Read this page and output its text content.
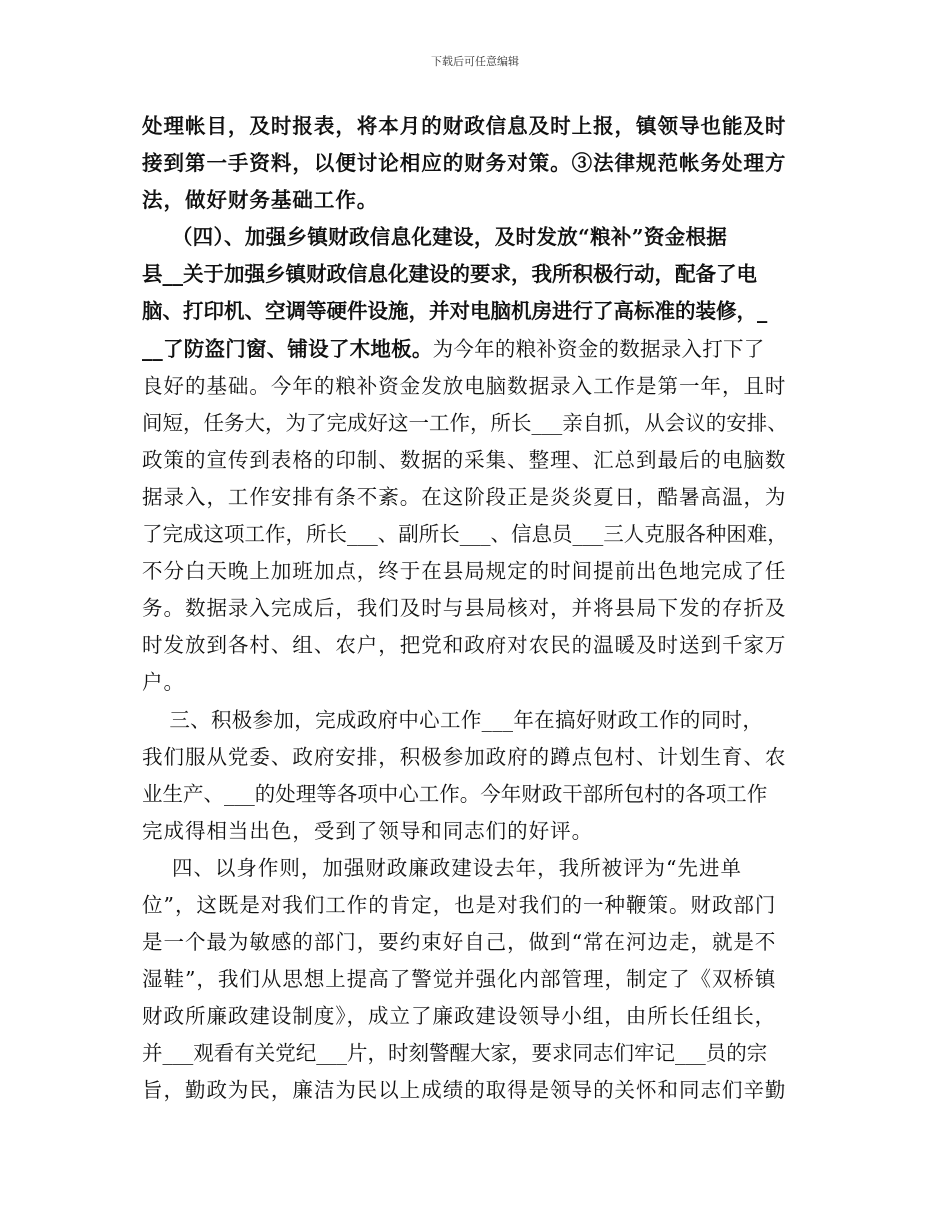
下载后可任意编辑
处理帐目，及时报表，将本月的财政信息及时上报，镇领导也能及时
接到第一手资料，以便讨论相应的财务对策。③法律规范帐务处理方
法，做好财务基础工作。
（四）、加强乡镇财政信息化建设，及时发放“粮补”资金根据
县__关于加强乡镇财政信息化建设的要求，我所积极行动，配备了电
脑、打印机、空调等硬件设施，并对电脑机房进行了高标准的装修，_
__了防盗门窗、铺设了木地板。为今年的粮补资金的数据录入打下了
良好的基础。今年的粮补资金发放电脑数据录入工作是第一年，且时
间短，任务大，为了完成好这一工作，所长___亲自抓，从会议的安排、
政策的宣传到表格的印制、数据的采集、整理、汇总到最后的电脑数
据录入，工作安排有条不紊。在这阶段正是炎炎夏日，酷暑高温，为
了完成这项工作，所长___、副所长___、信息员___三人克服各种困难，
不分白天晚上加班加点，终于在县局规定的时间提前出色地完成了任
务。数据录入完成后，我们及时与县局核对，并将县局下发的存折及
时发放到各村、组、农户，把党和政府对农民的温暖及时送到千家万
户。
三、积极参加，完成政府中心工作___年在搞好财政工作的同时，
我们服从党委、政府安排，积极参加政府的蹲点包村、计划生育、农
业生产、___的处理等各项中心工作。今年财政干部所包村的各项工作
完成得相当出色，受到了领导和同志们的好评。
四、以身作则，加强财政廉政建设去年，我所被评为“先进单
位”，这既是对我们工作的肯定，也是对我们的一种鞭策。财政部门
是一个最为敏感的部门，要约束好自己，做到“常在河边走，就是不
湿鞋”，我们从思想上提高了警觉并强化内部管理，制定了《双桥镇
财政所廉政建设制度》，成立了廉政建设领导小组，由所长任组长，
并___观看有关党纪___片，时刻警醒大家，要求同志们牢记___员的宗
旨，勤政为民，廉洁为民以上成绩的取得是领导的关怀和同志们辛勤
